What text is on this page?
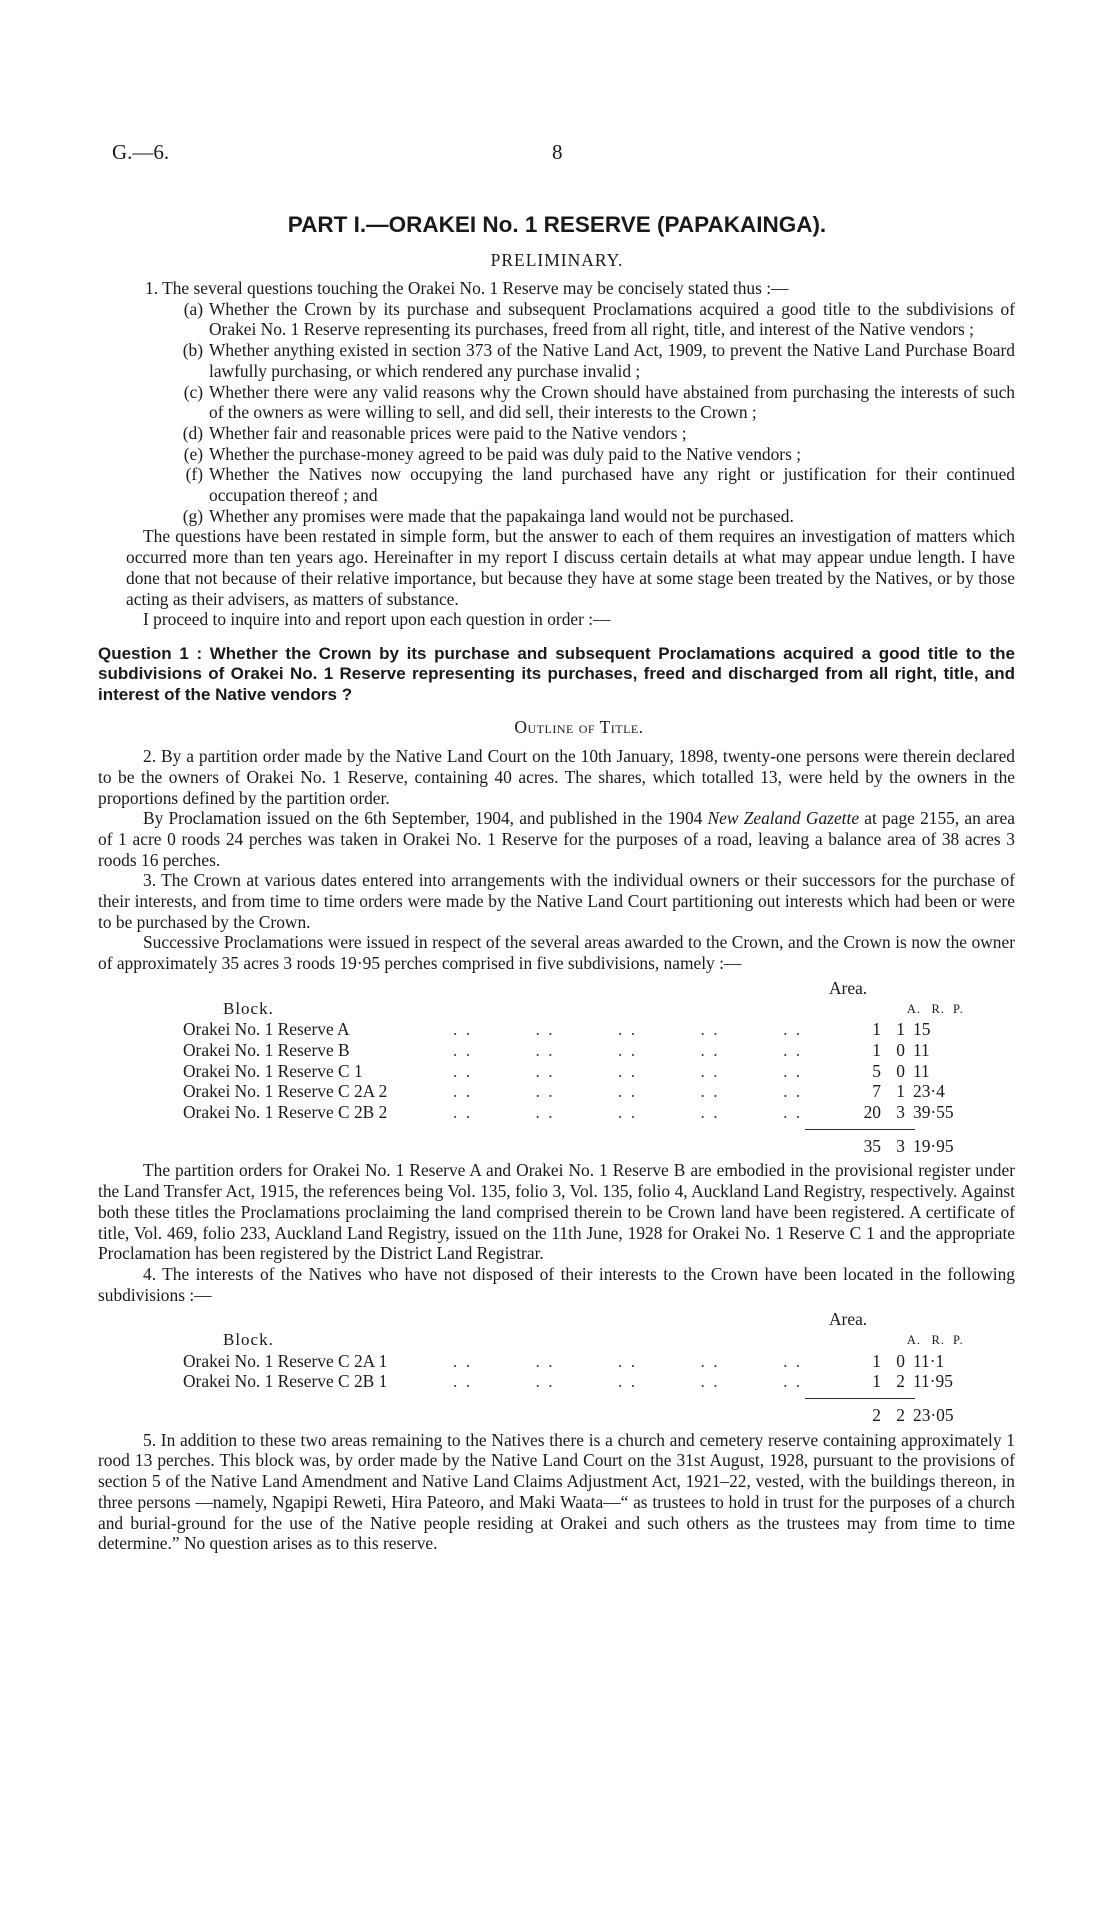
G.—6.	8
PART I.—ORAKEI No. 1 RESERVE (PAPAKAINGA).
PRELIMINARY.

1. The several questions touching the Orakei No. 1 Reserve may be concisely stated thus :—

(a) Whether the Crown by its purchase and subsequent Proclamations acquired a good title to the subdivisions of Orakei No. 1 Reserve representing its purchases, freed from all right, title, and interest of the Native vendors ;
(b) Whether anything existed in section 373 of the Native Land Act, 1909, to prevent the Native Land Purchase Board lawfully purchasing, or which rendered any purchase invalid ;
(c) Whether there were any valid reasons why the Crown should have abstained from purchasing the interests of such of the owners as were willing to sell, and did sell, their interests to the Crown ;
(d) Whether fair and reasonable prices were paid to the Native vendors ;
(e) Whether the purchase-money agreed to be paid was duly paid to the Native vendors ;
(f) Whether the Natives now occupying the land purchased have any right or justification for their continued occupation thereof ; and
(g) Whether any promises were made that the papakainga land would not be purchased.

The questions have been restated in simple form, but the answer to each of them requires an investigation of matters which occurred more than ten years ago. Hereinafter in my report I discuss certain details at what may appear undue length. I have done that not because of their relative importance, but because they have at some stage been treated by the Natives, or by those acting as their advisers, as matters of substance.

I proceed to inquire into and report upon each question in order :—

Question 1 : Whether the Crown by its purchase and subsequent Proclamations acquired a good title to the subdivisions of Orakei No. 1 Reserve representing its purchases, freed and discharged from all right, title, and interest of the Native vendors ?
Outline of Title.

2. By a partition order made by the Native Land Court on the 10th January, 1898, twenty-one persons were therein declared to be the owners of Orakei No. 1 Reserve, containing 40 acres. The shares, which totalled 13, were held by the owners in the proportions defined by the partition order.

By Proclamation issued on the 6th September, 1904, and published in the 1904 New Zealand Gazette at page 2155, an area of 1 acre 0 roods 24 perches was taken in Orakei No. 1 Reserve for the purposes of a road, leaving a balance area of 38 acres 3 roods 16 perches.

3. The Crown at various dates entered into arrangements with the individual owners or their successors for the purchase of their interests, and from time to time orders were made by the Native Land Court partitioning out interests which had been or were to be purchased by the Crown.

Successive Proclamations were issued in respect of the several areas awarded to the Crown, and the Crown is now the owner of approximately 35 acres 3 roods 19·95 perches comprised in five subdivisions, namely :—

Area.
Block.	A. R. P.
Orakei No. 1 Reserve A	. .          . .          . .          . .          . .	1 1 15
Orakei No. 1 Reserve B	. .          . .          . .          . .          . .	1 0 11
Orakei No. 1 Reserve C 1	. .          . .          . .          . .          . .	5 0 11
Orakei No. 1 Reserve C 2A 2	. .          . .          . .          . .          . .	7 1 23·4
Orakei No. 1 Reserve C 2B 2	. .          . .          . .          . .          . .	20 3 39·55
35 3 19·95

The partition orders for Orakei No. 1 Reserve A and Orakei No. 1 Reserve B are embodied in the provisional register under the Land Transfer Act, 1915, the references being Vol. 135, folio 3, Vol. 135, folio 4, Auckland Land Registry, respectively. Against both these titles the Proclamations proclaiming the land comprised therein to be Crown land have been registered. A certificate of title, Vol. 469, folio 233, Auckland Land Registry, issued on the 11th June, 1928 for Orakei No. 1 Reserve C 1 and the appropriate Proclamation has been registered by the District Land Registrar.

4. The interests of the Natives who have not disposed of their interests to the Crown have been located in the following subdivisions :—

Area.
Block.	A. R. P.
Orakei No. 1 Reserve C 2A 1	. .          . .          . .          . .          . .	1 0 11·1
Orakei No. 1 Reserve C 2B 1	. .          . .          . .          . .          . .	1 2 11·95
2 2 23·05

5. In addition to these two areas remaining to the Natives there is a church and cemetery reserve containing approximately 1 rood 13 perches. This block was, by order made by the Native Land Court on the 31st August, 1928, pursuant to the provisions of section 5 of the Native Land Amendment and Native Land Claims Adjustment Act, 1921–22, vested, with the buildings thereon, in three persons —namely, Ngapipi Reweti, Hira Pateoro, and Maki Waata—“ as trustees to hold in trust for the purposes of a church and burial-ground for the use of the Native people residing at Orakei and such others as the trustees may from time to time determine.” No question arises as to this reserve.
